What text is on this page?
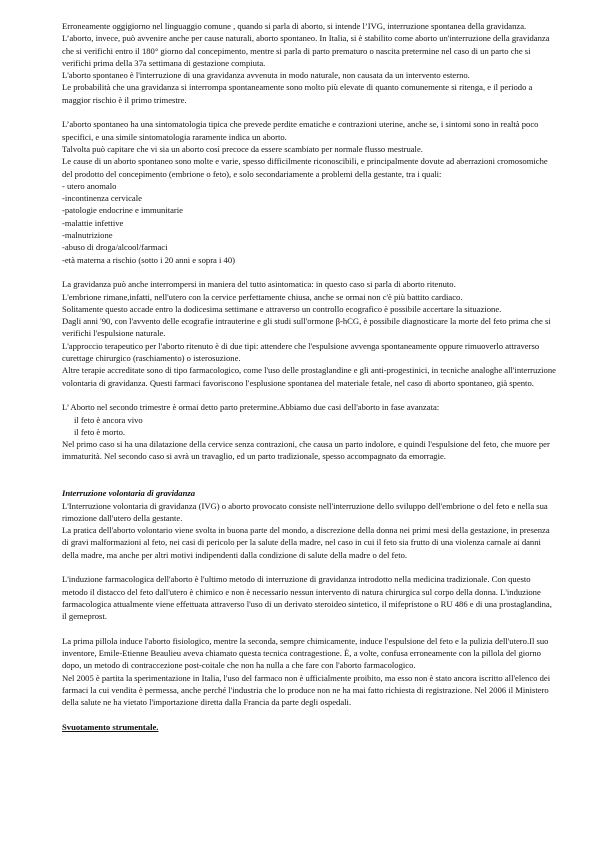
Erroneamente oggigiorno nel linguaggio comune , quando si parla di aborto, si intende l’IVG, interruzione spontanea della gravidanza. L’aborto, invece, può avvenire anche per cause naturali, aborto spontaneo. In Italia, si è stabilito come aborto un'interruzione della gravidanza che si verifichi entro il 180° giorno dal concepimento, mentre si parla di parto prematuro o nascita pretermine nel caso di un parto che si verifichi prima della 37a settimana di gestazione compiuta.

L'aborto spontaneo è l'interruzione di una gravidanza avvenuta in modo naturale, non causata da un intervento esterno.

Le probabilità che una gravidanza si interrompa spontaneamente sono molto più elevate di quanto comunemente si ritenga, e il periodo a maggior rischio è il primo trimestre.

L’aborto spontaneo ha una sintomatologia tipica che prevede perdite ematiche e contrazioni uterine, anche se, i sintomi sono in realtà poco specifici, e una simile sintomatologia raramente indica un aborto.

Talvolta può capitare che vi sia un aborto così precoce da essere scambiato per normale flusso mestruale.

Le cause di un aborto spontaneo sono molte e varie, spesso difficilmente riconoscibili, e principalmente dovute ad aberrazioni cromosomiche del prodotto del concepimento (embrione o feto), e solo secondariamente a problemi della gestante, tra i quali:

- utero anomalo

-incontinenza cervicale

-patologie endocrine e immunitarie

-malattie infettive

-malnutrizione

-abuso di droga/alcool/farmaci

-età materna a rischio (sotto i 20 anni e sopra i 40)

La gravidanza può anche interrompersi in maniera del tutto asintomatica: in questo caso si parla di aborto ritenuto.

L'embrione rimane,infatti, nell'utero con la cervice perfettamente chiusa, anche se ormai non c'è più battito cardiaco.

Solitamente questo accade entro la dodicesima settimane e attraverso un controllo ecografico è possibile accertare la situazione.

Dagli anni '90, con l'avvento delle ecografie intrauterine e gli studi sull'ormone β-hCG, è possibile diagnosticare la morte del feto prima che si verifichi l'espulsione naturale.

L'approccio terapeutico per l'aborto ritenuto è di due tipi: attendere che l'espulsione avvenga spontaneamente oppure rimuoverlo attraverso curettage chirurgico (raschiamento) o isterosuzione.

Altre terapie accreditate sono di tipo farmacologico, come l'uso delle prostaglandine e gli anti-progestinici, in tecniche analoghe all'interruzione volontaria di gravidanza. Questi farmaci favoriscono l'esplusione spontanea del materiale fetale, nel caso di aborto spontaneo, già spento.

L’ Aborto nel secondo trimestre è ormai detto parto pretermine.Abbiamo due casi dell'aborto in fase avanzata:

il feto è ancora vivo

il feto è morto.

Nel primo caso si ha una dilatazione della cervice senza contrazioni, che causa un parto indolore, e quindi l'espulsione del feto, che muore per immaturità. Nel secondo caso si avrà un travaglio, ed un parto tradizionale, spesso accompagnato da emorragie.

Interruzione volontaria di gravidanza

L'Interruzione volontaria di gravidanza (IVG) o aborto provocato consiste nell'interruzione dello sviluppo dell'embrione o del feto e nella sua rimozione dall'utero della gestante.

La pratica dell'aborto volontario viene svolta in buona parte del mondo, a discrezione della donna nei primi mesi della gestazione, in presenza di gravi malformazioni al feto, nei casi di pericolo per la salute della madre, nel caso in cui il feto sia frutto di una violenza carnale ai danni della madre, ma anche per altri motivi indipendenti dalla condizione di salute della madre o del feto.

L'induzione farmacologica dell'aborto è l'ultimo metodo di interruzione di gravidanza introdotto nella medicina tradizionale. Con questo metodo il distacco del feto dall'utero è chimico e non è necessario nessun intervento di natura chirurgica sul corpo della donna. L'induzione farmacologica attualmente viene effettuata attraverso l'uso di un derivato steroideo sintetico, il mifepristone o RU 486 e di una prostaglandina, il gemeprost.

La prima pillola induce l'aborto fisiologico, mentre la seconda, sempre chimicamente, induce l'espulsione del feto e la pulizia dell'utero.Il suo inventore, Emile-Etienne Beaulieu aveva chiamato questa tecnica contragestione. È, a volte, confusa erroneamente con la pillola del giorno dopo, un metodo di contraccezione post-coitale che non ha nulla a che fare con l'aborto farmacologico.

Nel 2005 è partita la sperimentazione in Italia, l'uso del farmaco non è ufficialmente proibito, ma esso non è stato ancora iscritto all'elenco dei farmaci la cui vendita è permessa, anche perché l'industria che lo produce non ne ha mai fatto richiesta di registrazione. Nel 2006 il Ministero della salute ne ha vietato l'importazione diretta dalla Francia da parte degli ospedali.

Svuotamento strumentale.
